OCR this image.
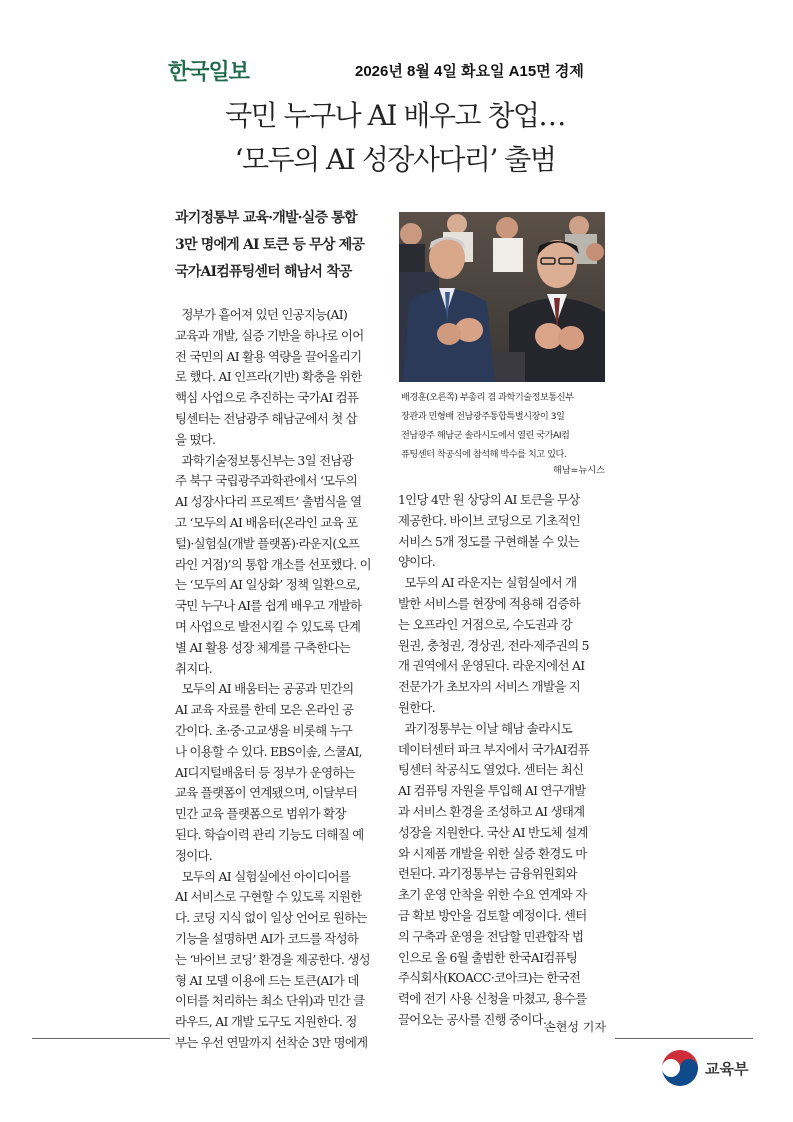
한국일보	2026년 8월 4일 화요일 A15면 경제
국민 누구나 AI 배우고 창업…
‘모두의 AI 성장사다리’ 출범
과기정통부 교육·개발·실증 통합
3만 명에게 AI 토큰 등 무상 제공
국가AI컴퓨팅센터 해남서 착공
배경훈(오른쪽) 부총리 겸 과학기술정보통신부
장관과 민형배 전남광주통합특별시장이 3일
전남광주 해남군 솔라시도에서 열린 국가AI컴
퓨팅센터 착공식에 참석해 박수를 치고 있다.
해남=뉴시스
정부가 흩어져 있던 인공지능(AI)
교육과 개발, 실증 기반을 하나로 이어
전 국민의 AI 활용 역량을 끌어올리기
로 했다. AI 인프라(기반) 확충을 위한
핵심 사업으로 추진하는 국가AI 컴퓨
팅센터는 전남광주 해남군에서 첫 삽
을 떴다.
과학기술정보통신부는 3일 전남광
주 북구 국립광주과학관에서 ‘모두의
AI 성장사다리 프로젝트’ 출범식을 열
고 ‘모두의 AI 배움터(온라인 교육 포
털)·실험실(개발 플랫폼)·라운지(오프
라인 거점)’의 통합 개소를 선포했다. 이
는 ‘모두의 AI 일상화’ 정책 일환으로,
국민 누구나 AI를 쉽게 배우고 개발하
며 사업으로 발전시킬 수 있도록 단계
별 AI 활용 성장 체계를 구축한다는
취지다.
모두의 AI 배움터는 공공과 민간의
AI 교육 자료를 한데 모은 온라인 공
간이다. 초·중·고교생을 비롯해 누구
나 이용할 수 있다. EBS이솦, 스쿨AI,
AI디지털배움터 등 정부가 운영하는
교육 플랫폼이 연계됐으며, 이달부터
민간 교육 플랫폼으로 범위가 확장
된다. 학습이력 관리 기능도 더해질 예
정이다.
모두의 AI 실험실에선 아이디어를
AI 서비스로 구현할 수 있도록 지원한
다. 코딩 지식 없이 일상 언어로 원하는
기능을 설명하면 AI가 코드를 작성하
는 ‘바이브 코딩’ 환경을 제공한다. 생성
형 AI 모델 이용에 드는 토큰(AI가 데
이터를 처리하는 최소 단위)과 민간 클
라우드, AI 개발 도구도 지원한다. 정
부는 우선 연말까지 선착순 3만 명에게
1인당 4만 원 상당의 AI 토큰을 무상
제공한다. 바이브 코딩으로 기초적인
서비스 5개 정도를 구현해볼 수 있는
양이다.
모두의 AI 라운지는 실험실에서 개
발한 서비스를 현장에 적용해 검증하
는 오프라인 거점으로, 수도권과 강
원권, 충청권, 경상권, 전라·제주권의 5
개 권역에서 운영된다. 라운지에선 AI
전문가가 초보자의 서비스 개발을 지
원한다.
과기정통부는 이날 해남 솔라시도
데이터센터 파크 부지에서 국가AI컴퓨
팅센터 착공식도 열었다. 센터는 최신
AI 컴퓨팅 자원을 투입해 AI 연구개발
과 서비스 환경을 조성하고 AI 생태계
성장을 지원한다. 국산 AI 반도체 설계
와 시제품 개발을 위한 실증 환경도 마
련된다. 과기정통부는 금융위원회와
초기 운영 안착을 위한 수요 연계와 자
금 확보 방안을 검토할 예정이다. 센터
의 구축과 운영을 전담할 민관합작 법
인으로 올 6월 출범한 한국AI컴퓨팅
주식회사(KOACC·코아크)는 한국전
력에 전기 사용 신청을 마쳤고, 용수를
끌어오는 공사를 진행 중이다.
손현성 기자
교육부
